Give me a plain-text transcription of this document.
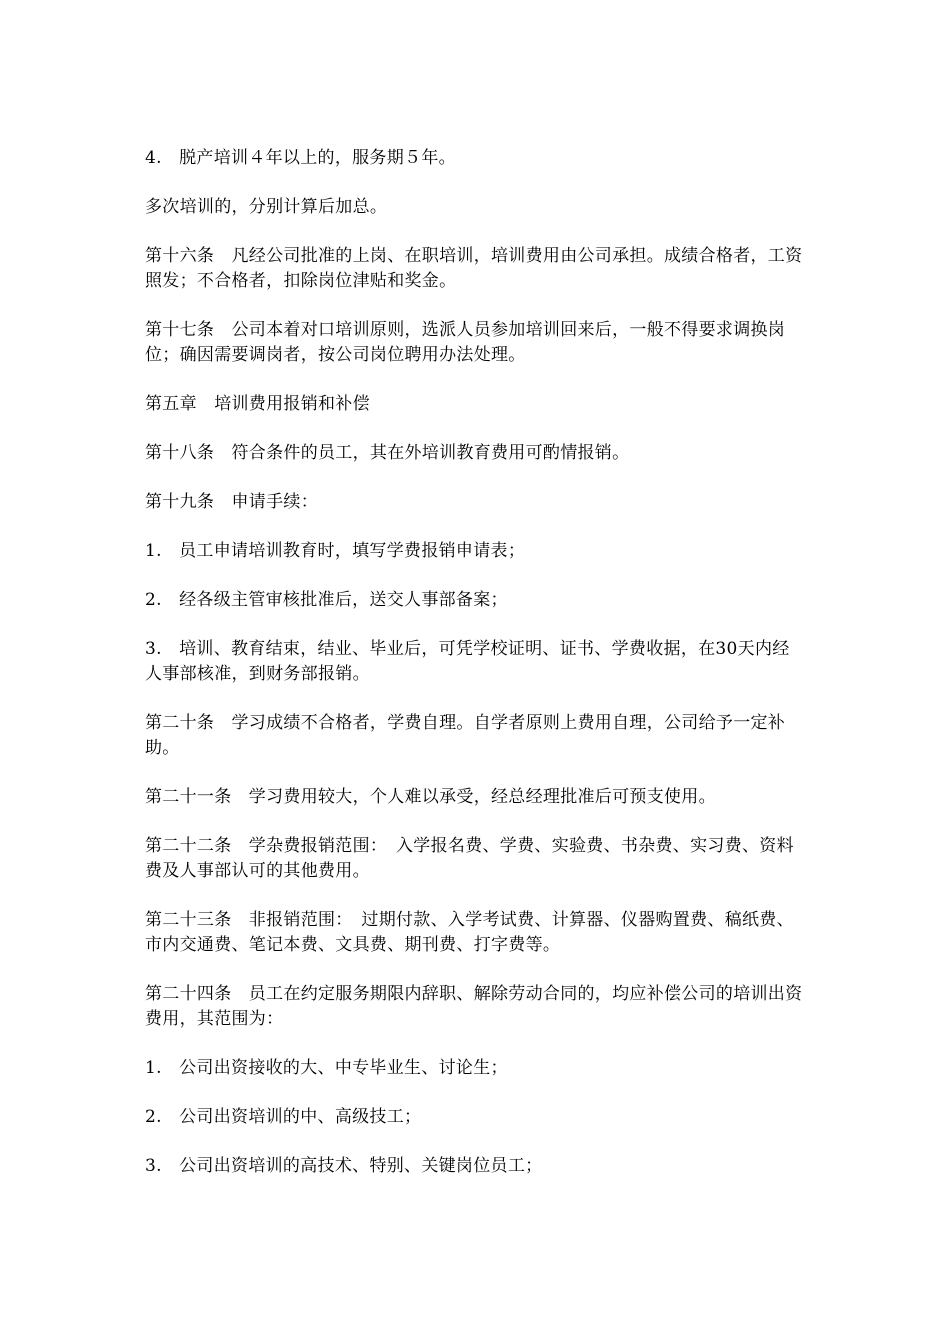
4.　脱产培训４年以上的，服务期５年。

多次培训的，分别计算后加总。

第十六条　凡经公司批准的上岗、在职培训，培训费用由公司承担。成绩合格者，工资照发；不合格者，扣除岗位津贴和奖金。

第十七条　公司本着对口培训原则，选派人员参加培训回来后，一般不得要求调换岗位；确因需要调岗者，按公司岗位聘用办法处理。

第五章　培训费用报销和补偿

第十八条　符合条件的员工，其在外培训教育费用可酌情报销。

第十九条　申请手续：

1.　员工申请培训教育时，填写学费报销申请表；

2.　经各级主管审核批准后，送交人事部备案；

3.　培训、教育结束，结业、毕业后，可凭学校证明、证书、学费收据，在30天内经人事部核准，到财务部报销。

第二十条　学习成绩不合格者，学费自理。自学者原则上费用自理，公司给予一定补助。

第二十一条　学习费用较大，个人难以承受，经总经理批准后可预支使用。

第二十二条　学杂费报销范围：　入学报名费、学费、实验费、书杂费、实习费、资料费及人事部认可的其他费用。

第二十三条　非报销范围：　过期付款、入学考试费、计算器、仪器购置费、稿纸费、市内交通费、笔记本费、文具费、期刊费、打字费等。

第二十四条　员工在约定服务期限内辞职、解除劳动合同的，均应补偿公司的培训出资费用，其范围为：

1.　公司出资接收的大、中专毕业生、讨论生；

2.　公司出资培训的中、高级技工；

3.　公司出资培训的高技术、特别、关键岗位员工；
